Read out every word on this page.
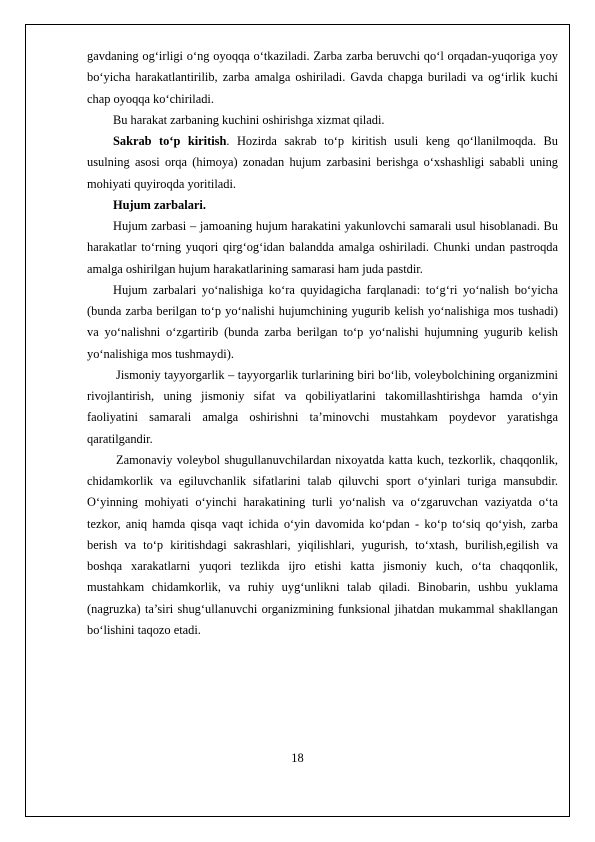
gavdaning og‘irligi o‘ng oyoqqa o‘tkaziladi. Zarba zarba beruvchi qo‘l orqadan-yuqoriga yoy bo‘yicha harakatlantirilib, zarba amalga oshiriladi. Gavda chapga buriladi va og‘irlik kuchi chap oyoqqa ko‘chiriladi.

Bu harakat zarbaning kuchini oshirishga xizmat qiladi.

Sakrab to‘p kiritish. Hozirda sakrab to‘p kiritish usuli keng qo‘llanilmoqda. Bu usulning asosi orqa (himoya) zonadan hujum zarbasini berishga o‘xshashligi sababli uning mohiyati quyiroqda yoritiladi.

Hujum zarbalari.

Hujum zarbasi – jamoaning hujum harakatini yakunlovchi samarali usul hisoblanadi. Bu harakatlar to‘rning yuqori qirg‘og‘idan balandda amalga oshiriladi. Chunki undan pastroqda amalga oshirilgan hujum harakatlarining samarasi ham juda pastdir.

Hujum zarbalari yo‘nalishiga ko‘ra quyidagicha farqlanadi: to‘g‘ri yo‘nalish bo‘yicha (bunda zarba berilgan to‘p yo‘nalishi hujumchining yugurib kelish yo‘nalishiga mos tushadi) va yo‘nalishni o‘zgartirib (bunda zarba berilgan to‘p yo‘nalishi hujumning yugurib kelish yo‘nalishiga mos tushmaydi).

Jismoniy tayyorgarlik – tayyorgarlik turlarining biri bo‘lib, voleybolchining organizmini rivojlantirish, uning jismoniy sifat va qobiliyatlarini takomillashtirishga hamda o‘yin faoliyatini samarali amalga oshirishni ta’minovchi mustahkam poydevor yaratishga qaratilgandir.

Zamonaviy voleybol shugullanuvchilardan nixoyatda katta kuch, tezkorlik, chaqqonlik, chidamkorlik va egiluvchanlik sifatlarini talab qiluvchi sport o‘yinlari turiga mansubdir. O‘yinning mohiyati o‘yinchi harakatining turli yo‘nalish va o‘zgaruvchan vaziyatda o‘ta tezkor, aniq hamda qisqa vaqt ichida o‘yin davomida ko‘pdan - ko‘p to‘siq qo‘yish, zarba berish va to‘p kiritishdagi sakrashlari, yiqilishlari, yugurish, to‘xtash, burilish,egilish va boshqa xarakatlarni yuqori tezlikda ijro etishi katta jismoniy kuch, o‘ta chaqqonlik, mustahkam chidamkorlik, va ruhiy uyg‘unlikni talab qiladi. Binobarin, ushbu yuklama (nagruzka) ta’siri shug‘ullanuvchi organizmining funksional jihatdan mukammal shakllangan bo‘lishini taqozo etadi.

18
